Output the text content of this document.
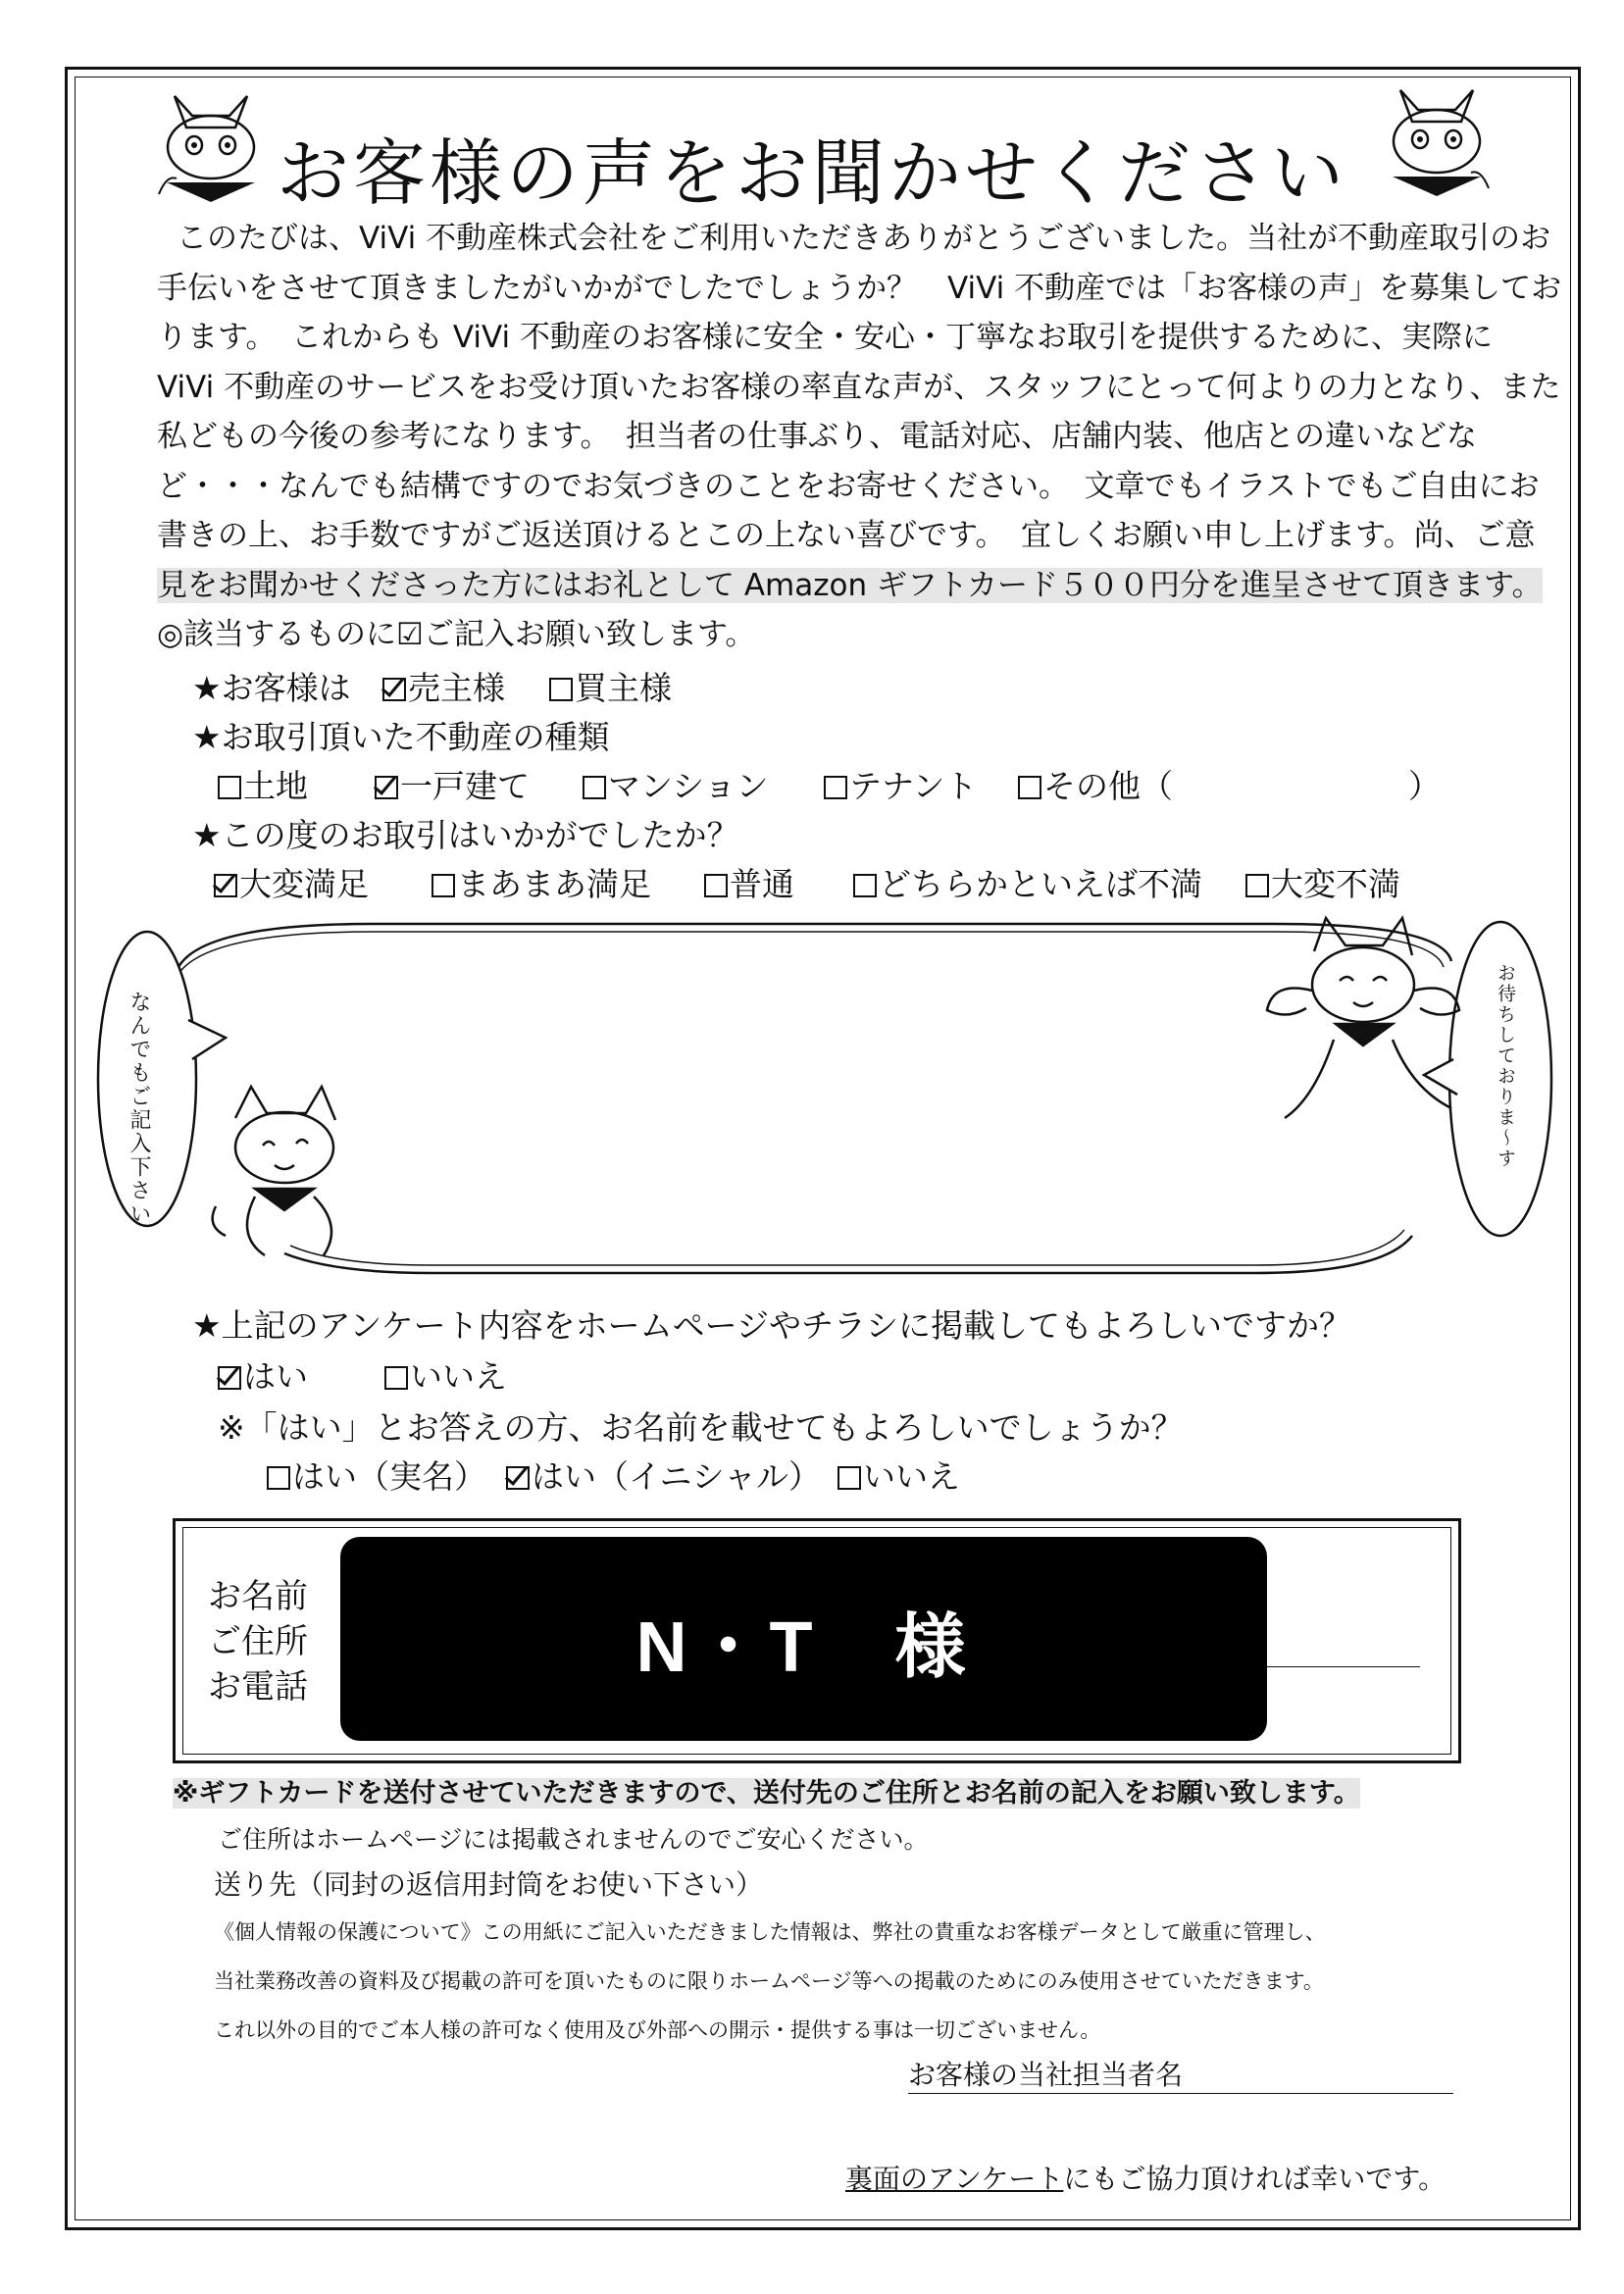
お客様の声をお聞かせください
このたびは、ViVi 不動産株式会社をご利用いただきありがとうございました。当社が不動産取引のお
手伝いをさせて頂きましたがいかがでしたでしょうか？　ViVi 不動産では「お客様の声」を募集してお
ります。　これからも ViVi 不動産のお客様に安全・安心・丁寧なお取引を提供するために、実際に
ViVi 不動産のサービスをお受け頂いたお客様の率直な声が、スタッフにとって何よりの力となり、また
私どもの今後の参考になります。　担当者の仕事ぶり、電話対応、店舗内装、他店との違いなどな
ど・・・なんでも結構ですのでお気づきのことをお寄せください。　文章でもイラストでもご自由にお
書きの上、お手数ですがご返送頂けるとこの上ない喜びです。　宜しくお願い申し上げます。尚、ご意
見をお聞かせくださった方にはお礼として Amazon ギフトカード５００円分を進呈させて頂きます。
◎該当するものに☑ご記入お願い致します。
★お客様は	売主様	買主様
★お取引頂いた不動産の種類
土地	一戸建て	マンション	テナント	その他（	）
★この度のお取引はいかがでしたか？
大変満足	まあまあ満足	普通	どちらかといえば不満	大変不満
なんでもご記入下さい	お待ちしておりま～す
★上記のアンケート内容をホームページやチラシに掲載してもよろしいですか？
はい	いいえ
※「はい」とお答えの方、お名前を載せてもよろしいでしょうか？
はい（実名）	はい（イニシャル）	いいえ
お名前
ご住所
お電話	N・T　様
※ギフトカードを送付させていただきますので、送付先のご住所とお名前の記入をお願い致します。
ご住所はホームページには掲載されませんのでご安心ください。
送り先（同封の返信用封筒をお使い下さい）
《個人情報の保護について》この用紙にご記入いただきました情報は、弊社の貴重なお客様データとして厳重に管理し、
当社業務改善の資料及び掲載の許可を頂いたものに限りホームページ等への掲載のためにのみ使用させていただきます。
これ以外の目的でご本人様の許可なく使用及び外部への開示・提供する事は一切ございません。
お客様の当社担当者名
裏面のアンケートにもご協力頂ければ幸いです。
